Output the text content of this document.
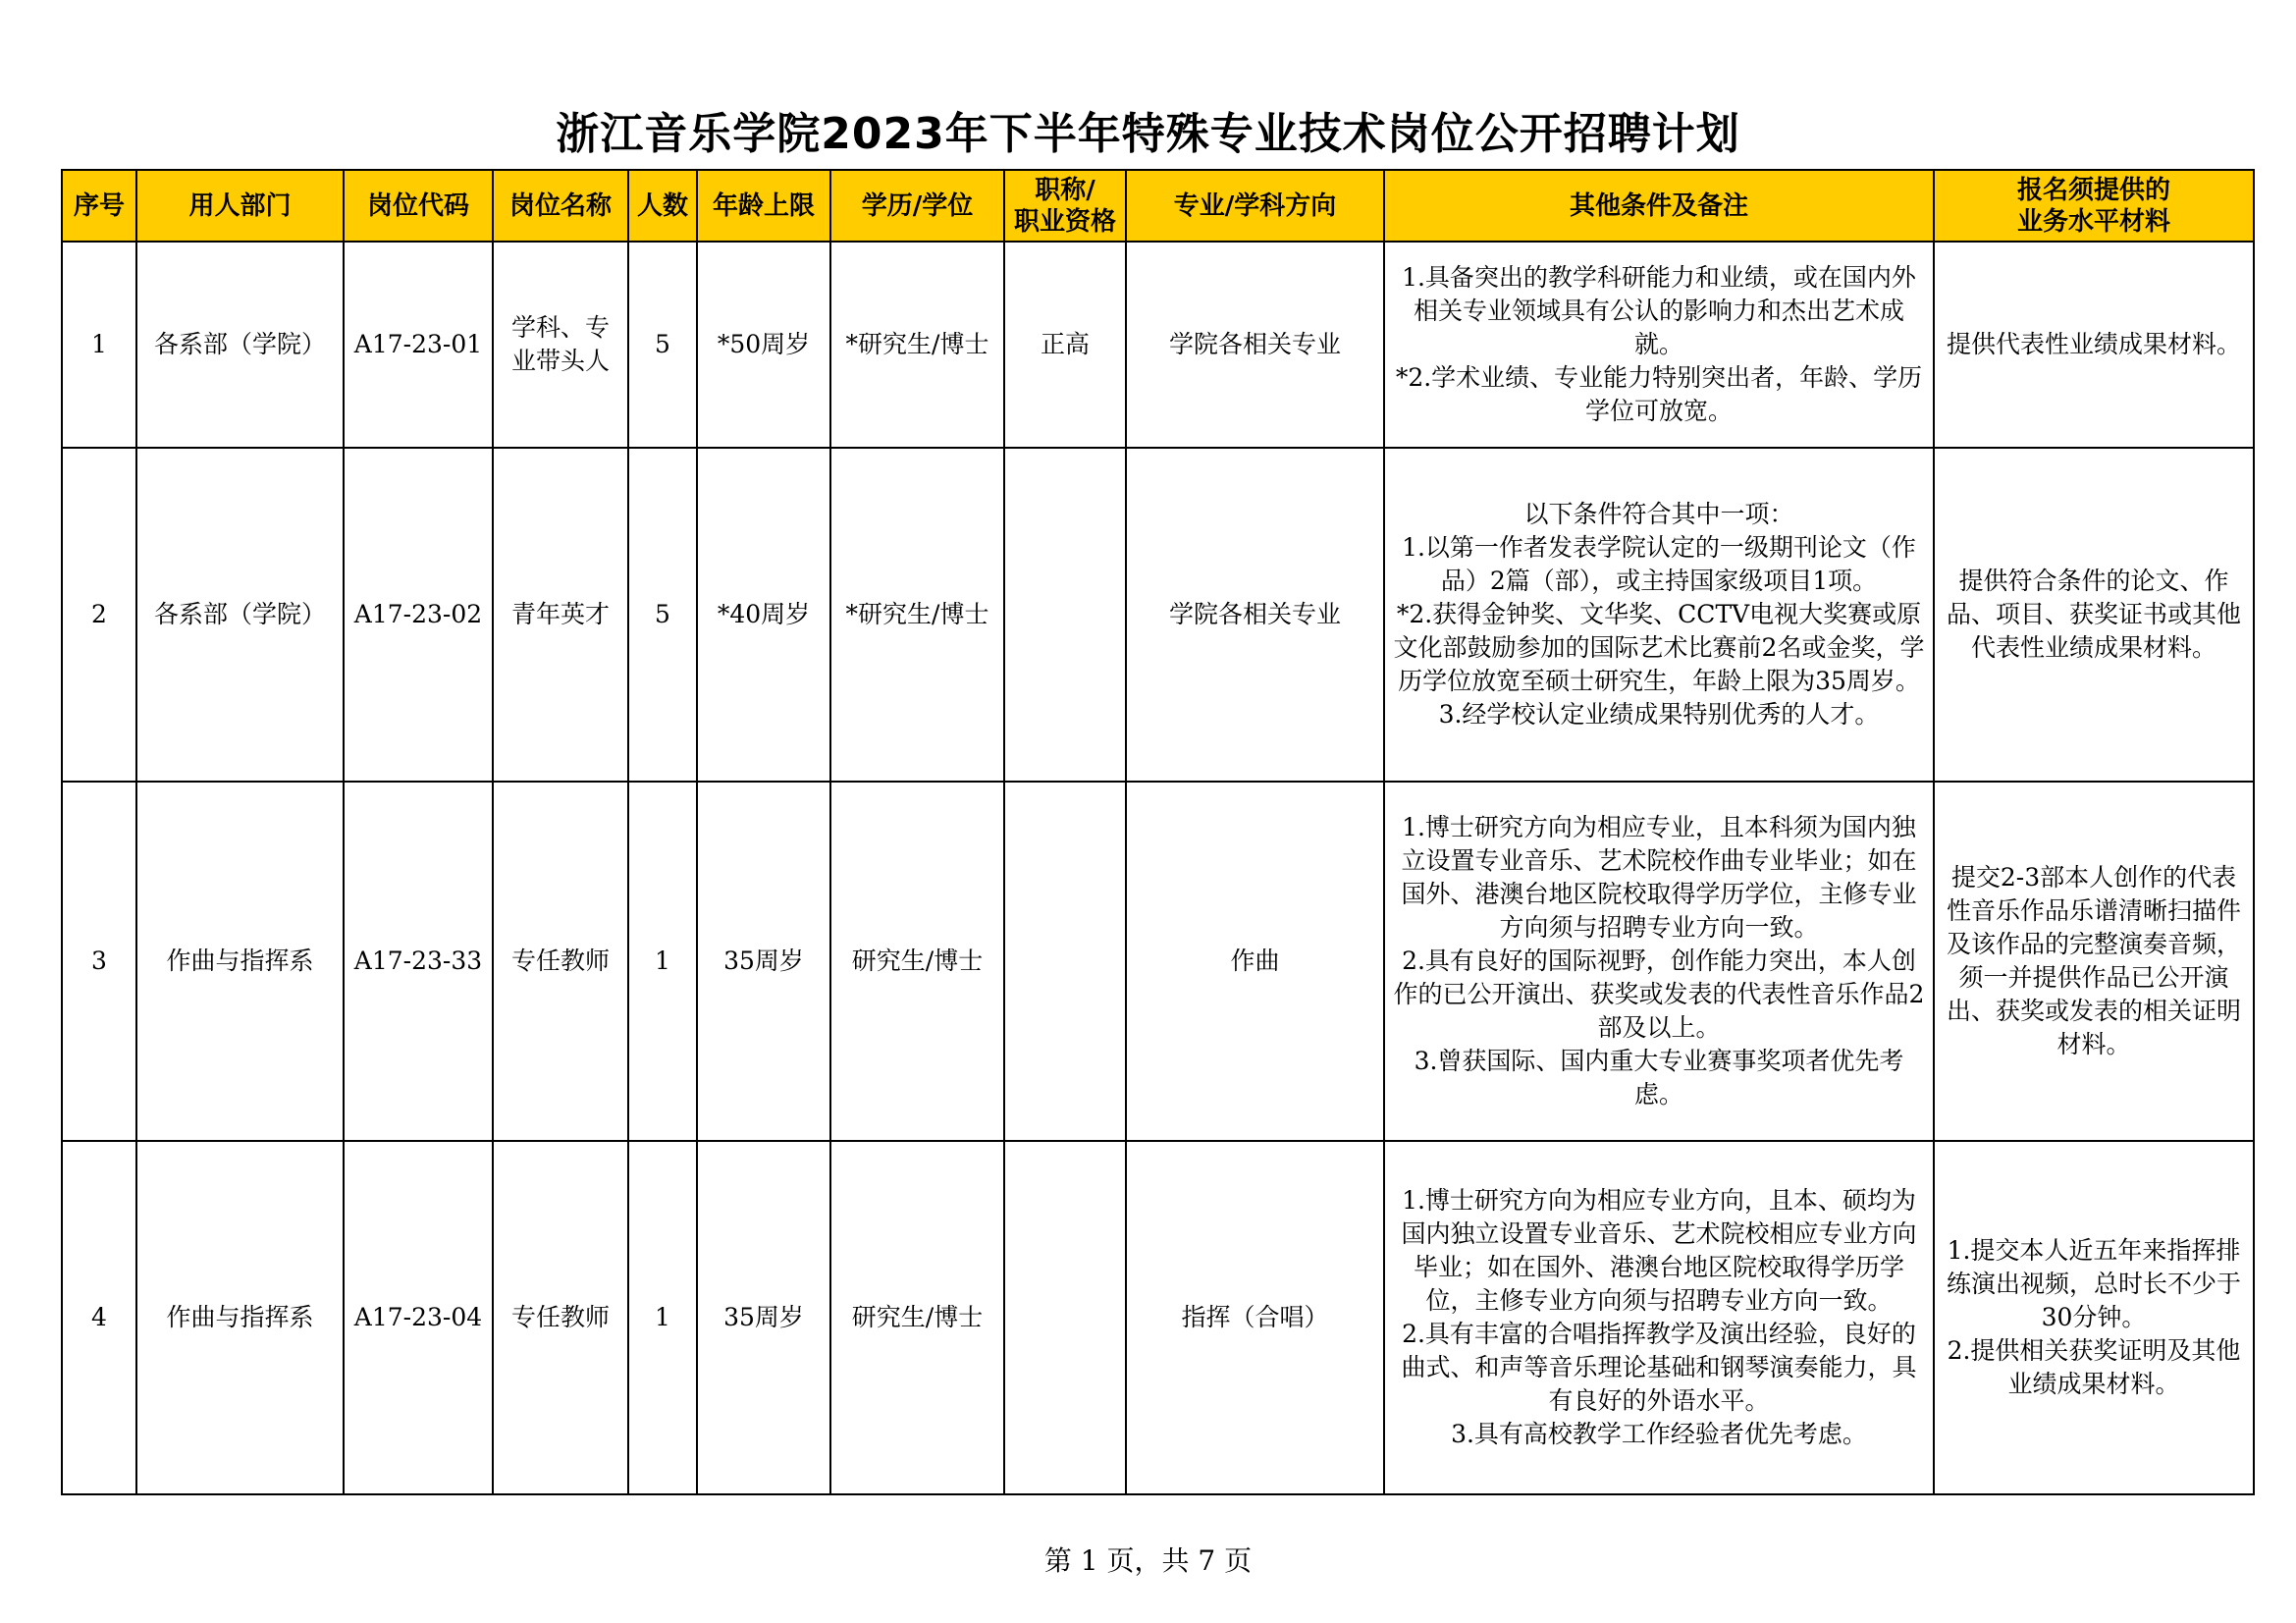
浙江音乐学院2023年下半年特殊专业技术岗位公开招聘计划
序号	用人部门	岗位代码	岗位名称	人数	年龄上限	学历/学位	职称/
职业资格	专业/学科方向	其他条件及备注	报名须提供的
业务水平材料
1	各系部（学院）	A17-23-01	学科、专业带头人	5	*50周岁	*研究生/博士	正高	学院各相关专业	1.具备突出的教学科研能力和业绩，或在国内外相关专业领域具有公认的影响力和杰出艺术成就。
*2.学术业绩、专业能力特别突出者，年龄、学历学位可放宽。	提供代表性业绩成果材料。
2	各系部（学院）	A17-23-02	青年英才	5	*40周岁	*研究生/博士		学院各相关专业	以下条件符合其中一项：
1.以第一作者发表学院认定的一级期刊论文（作品）2篇（部），或主持国家级项目1项。
*2.获得金钟奖、文华奖、CCTV电视大奖赛或原文化部鼓励参加的国际艺术比赛前2名或金奖，学历学位放宽至硕士研究生，年龄上限为35周岁。
3.经学校认定业绩成果特别优秀的人才。	提供符合条件的论文、作品、项目、获奖证书或其他代表性业绩成果材料。
3	作曲与指挥系	A17-23-33	专任教师	1	35周岁	研究生/博士		作曲	1.博士研究方向为相应专业，且本科须为国内独立设置专业音乐、艺术院校作曲专业毕业；如在国外、港澳台地区院校取得学历学位，主修专业方向须与招聘专业方向一致。
2.具有良好的国际视野，创作能力突出，本人创作的已公开演出、获奖或发表的代表性音乐作品2部及以上。
3.曾获国际、国内重大专业赛事奖项者优先考虑。	提交2-3部本人创作的代表性音乐作品乐谱清晰扫描件及该作品的完整演奏音频，须一并提供作品已公开演出、获奖或发表的相关证明材料。
4	作曲与指挥系	A17-23-04	专任教师	1	35周岁	研究生/博士		指挥（合唱）	1.博士研究方向为相应专业方向，且本、硕均为国内独立设置专业音乐、艺术院校相应专业方向毕业；如在国外、港澳台地区院校取得学历学位，主修专业方向须与招聘专业方向一致。
2.具有丰富的合唱指挥教学及演出经验，良好的曲式、和声等音乐理论基础和钢琴演奏能力，具有良好的外语水平。
3.具有高校教学工作经验者优先考虑。	1.提交本人近五年来指挥排练演出视频，总时长不少于30分钟。
2.提供相关获奖证明及其他业绩成果材料。
第 1 页，共 7 页
